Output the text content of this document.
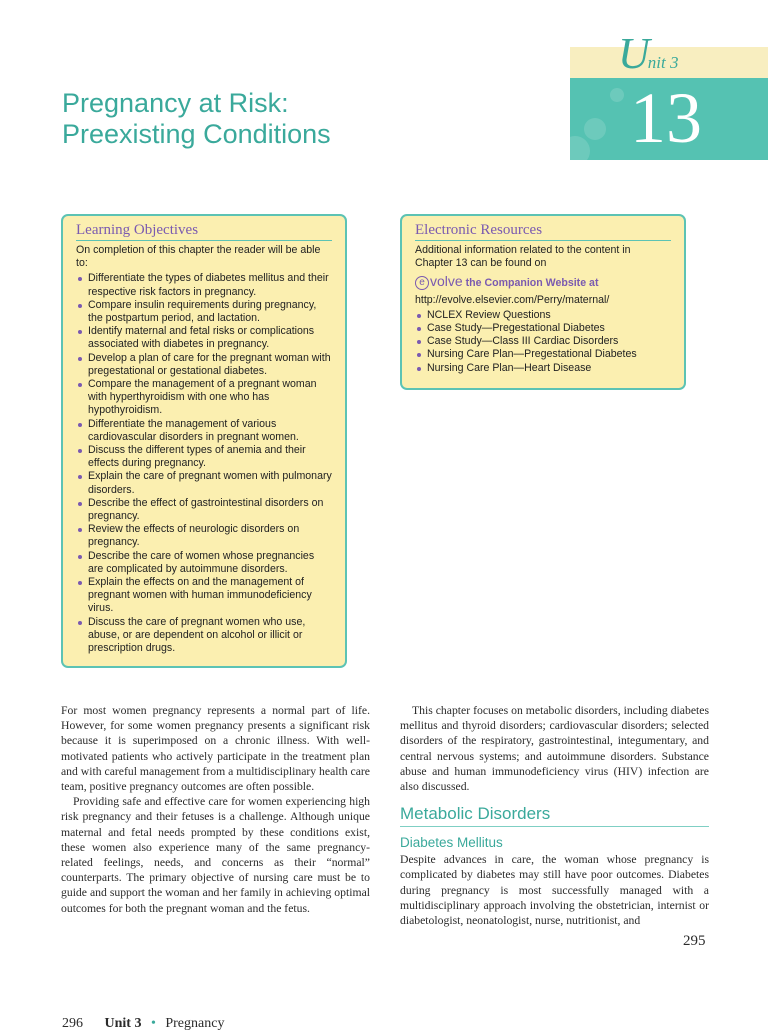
Pregnancy at Risk:
Preexisting Conditions
Unit 3
13
Learning Objectives
On completion of this chapter the reader will be able to:
Differentiate the types of diabetes mellitus and their respective risk factors in pregnancy.
Compare insulin requirements during pregnancy, the postpartum period, and lactation.
Identify maternal and fetal risks or complications associated with diabetes in pregnancy.
Develop a plan of care for the pregnant woman with pregestational or gestational diabetes.
Compare the management of a pregnant woman with hyperthyroidism with one who has hypothyroidism.
Differentiate the management of various cardiovascular disorders in pregnant women.
Discuss the different types of anemia and their effects during pregnancy.
Explain the care of pregnant women with pulmonary disorders.
Describe the effect of gastrointestinal disorders on pregnancy.
Review the effects of neurologic disorders on pregnancy.
Describe the care of women whose pregnancies are complicated by autoimmune disorders.
Explain the effects on and the management of pregnant women with human immunodeficiency virus.
Discuss the care of pregnant women who use, abuse, or are dependent on alcohol or illicit or prescription drugs.
Electronic Resources
Additional information related to the content in Chapter 13 can be found on
e volve the Companion Website at
http://evolve.elsevier.com/Perry/maternal/
NCLEX Review Questions
Case Study—Pregestational Diabetes
Case Study—Class III Cardiac Disorders
Nursing Care Plan—Pregestational Diabetes
Nursing Care Plan—Heart Disease

For most women pregnancy represents a normal part of life. However, for some women pregnancy presents a significant risk because it is superimposed on a chronic illness. With well-motivated patients who actively participate in the treatment plan and with careful management from a multidisciplinary health care team, positive pregnancy outcomes are often possible.

Providing safe and effective care for women experiencing high risk pregnancy and their fetuses is a challenge. Although unique maternal and fetal needs prompted by these conditions exist, these women also experience many of the same pregnancy-related feelings, needs, and concerns as their “normal” counterparts. The primary objective of nursing care must be to guide and support the woman and her family in achieving optimal outcomes for both the pregnant woman and the fetus.

This chapter focuses on metabolic disorders, including diabetes mellitus and thyroid disorders; cardiovascular disorders; selected disorders of the respiratory, gastrointestinal, integumentary, and central nervous systems; and autoimmune disorders. Substance abuse and human immunodeficiency virus (HIV) infection are also discussed.

Metabolic Disorders
Diabetes Mellitus

Despite advances in care, the woman whose pregnancy is complicated by diabetes may still have poor outcomes. Diabetes during pregnancy is most successfully managed with a multidisciplinary approach involving the obstetrician, internist or diabetologist, neonatologist, nurse, nutritionist, and

295
296 Unit 3 • Pregnancy
